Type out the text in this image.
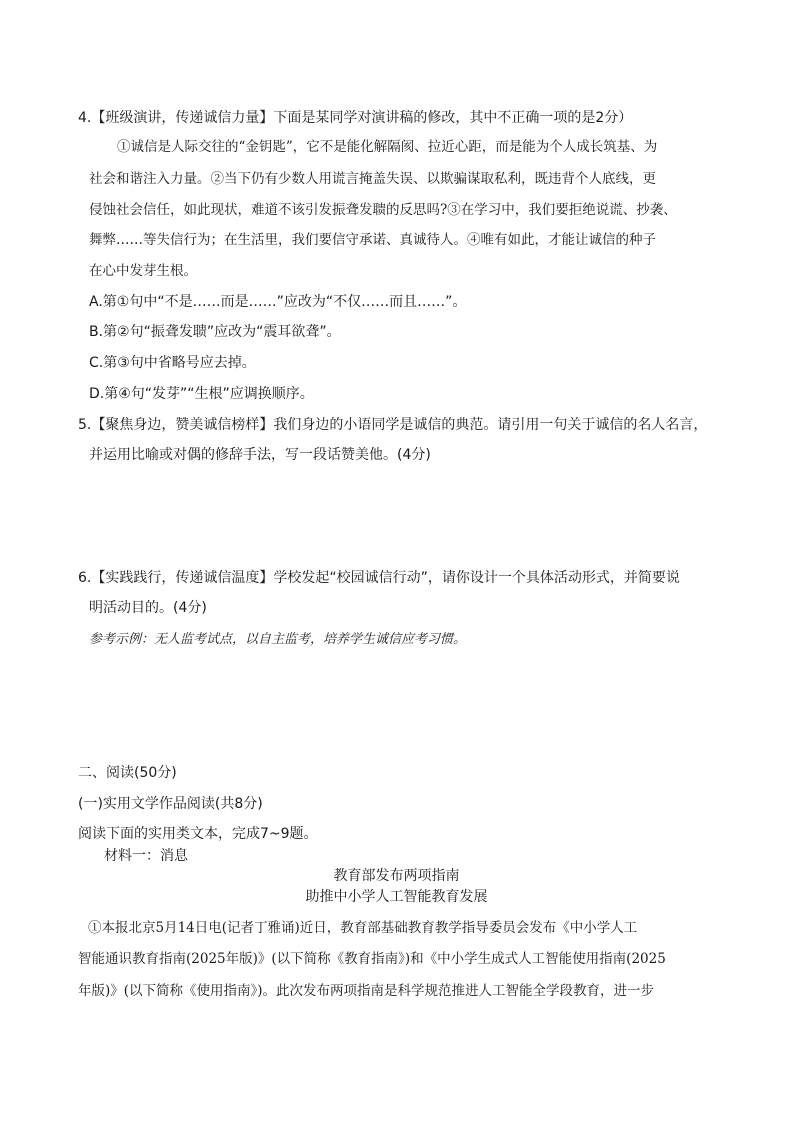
4.【班级演讲，传递诚信力量】下面是某同学对演讲稿的修改，其中不正确一项的是2分）
①诚信是人际交往的“金钥匙”，它不是能化解隔阂、拉近心距，而是能为个人成长筑基、为
社会和谐注入力量。②当下仍有少数人用谎言掩盖失误、以欺骗谋取私利，既违背个人底线，更
侵蚀社会信任，如此现状，难道不该引发振聋发聩的反思吗?③在学习中，我们要拒绝说谎、抄袭、
舞弊……等失信行为；在生活里，我们要信守承诺、真诚待人。④唯有如此，才能让诚信的种子
在心中发芽生根。
A.第①句中“不是……而是……”应改为“不仅……而且……”。
B.第②句“振聋发聩”应改为“震耳欲聋”。
C.第③句中省略号应去掉。
D.第④句“发芽”“生根”应调换顺序。
5.【聚焦身边，赞美诚信榜样】我们身边的小语同学是诚信的典范。请引用一句关于诚信的名人名言，
并运用比喻或对偶的修辞手法，写一段话赞美他。(4分)
6.【实践践行，传递诚信温度】学校发起“校园诚信行动”，请你设计一个具体活动形式，并简要说
明活动目的。(4分)
参考示例：无人监考试点，以自主监考，培养学生诚信应考习惯。
二、阅读(50分)
(一)实用文学作品阅读(共8分)
阅读下面的实用类文本，完成7~9题。
材料一：消息
教育部发布两项指南
助推中小学人工智能教育发展
①本报北京5月14日电(记者丁雅诵)近日，教育部基础教育教学指导委员会发布《中小学人工
智能通识教育指南(2025年版)》(以下简称《教育指南》)和《中小学生成式人工智能使用指南(2025
年版)》(以下简称《使用指南》)。此次发布两项指南是科学规范推进人工智能全学段教育，进一步
